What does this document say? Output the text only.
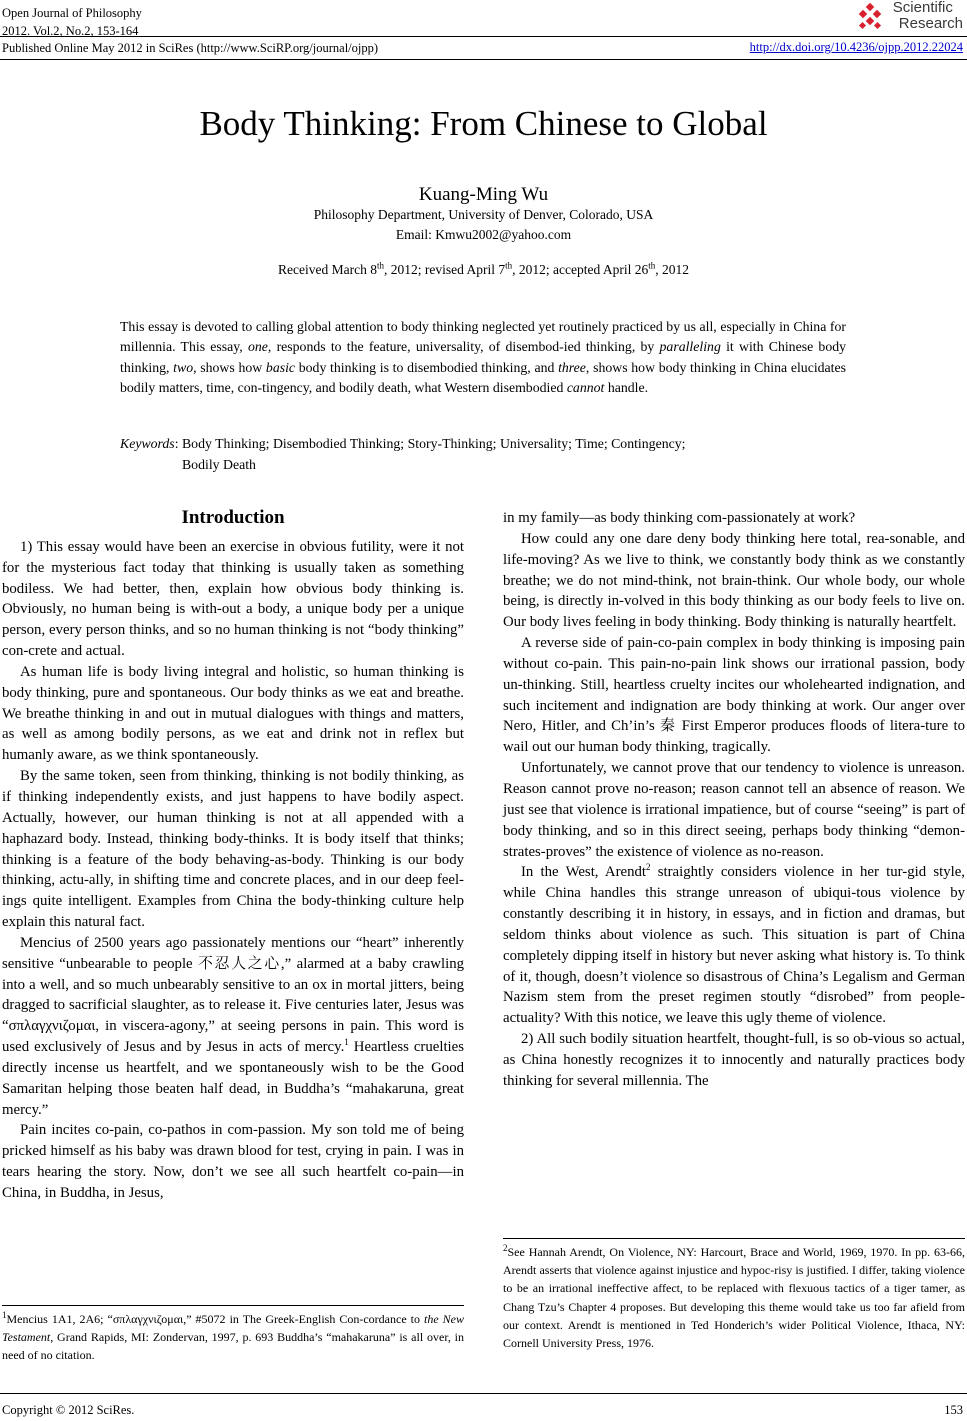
Open Journal of Philosophy
2012. Vol.2, No.2, 153-164
Published Online May 2012 in SciRes (http://www.SciRP.org/journal/ojpp)
Scientific
Research
http://dx.doi.org/10.4236/ojpp.2012.22024
Body Thinking: From Chinese to Global
Kuang-Ming Wu
Philosophy Department, University of Denver, Colorado, USA
Email: Kmwu2002@yahoo.com
Received March 8th, 2012; revised April 7th, 2012; accepted April 26th, 2012
This essay is devoted to calling global attention to body thinking neglected yet routinely practiced by us all, especially in China for millennia. This essay, one, responds to the feature, universality, of disembod-ied thinking, by paralleling it with Chinese body thinking, two, shows how basic body thinking is to disembodied thinking, and three, shows how body thinking in China elucidates bodily matters, time, con-tingency, and bodily death, what Western disembodied cannot handle.
Keywords: Body Thinking; Disembodied Thinking; Story-Thinking; Universality; Time; Contingency;
Bodily Death
Introduction

1) This essay would have been an exercise in obvious futility, were it not for the mysterious fact today that thinking is usually taken as something bodiless. We had better, then, explain how obvious body thinking is. Obviously, no human being is with-out a body, a unique body per a unique person, every person thinks, and so no human thinking is not “body thinking” con-crete and actual.

As human life is body living integral and holistic, so human thinking is body thinking, pure and spontaneous. Our body thinks as we eat and breathe. We breathe thinking in and out in mutual dialogues with things and matters, as well as among bodily persons, as we eat and drink not in reflex but humanly aware, as we think spontaneously.

By the same token, seen from thinking, thinking is not bodily thinking, as if thinking independently exists, and just happens to have bodily aspect. Actually, however, our human thinking is not at all appended with a haphazard body. Instead, thinking body-thinks. It is body itself that thinks; thinking is a feature of the body behaving-as-body. Thinking is our body thinking, actu-ally, in shifting time and concrete places, and in our deep feel-ings quite intelligent. Examples from China the body-thinking culture help explain this natural fact.

Mencius of 2500 years ago passionately mentions our “heart” inherently sensitive “unbearable to people 不忍人之心,” alarmed at a baby crawling into a well, and so much unbearably sensitive to an ox in mortal jitters, being dragged to sacrificial slaughter, as to release it. Five centuries later, Jesus was “σπλαγχνιζομαι, in viscera-agony,” at seeing persons in pain. This word is used exclusively of Jesus and by Jesus in acts of mercy.$^1$ Heartless cruelties directly incense us heartfelt, and we spontaneously wish to be the Good Samaritan helping those beaten half dead, in Buddha’s “mahakaruna, great mercy.”

Pain incites co-pain, co-pathos in com-passion. My son told me of being pricked himself as his baby was drawn blood for test, crying in pain. I was in tears hearing the story. Now, don’t we see all such heartfelt co-pain—in China, in Buddha, in Jesus,

in my family—as body thinking com-passionately at work?

How could any one dare deny body thinking here total, rea-sonable, and life-moving? As we live to think, we constantly body think as we constantly breathe; we do not mind-think, not brain-think. Our whole body, our whole being, is directly in-volved in this body thinking as our body feels to live on. Our body lives feeling in body thinking. Body thinking is naturally heartfelt.

A reverse side of pain-co-pain complex in body thinking is imposing pain without co-pain. This pain-no-pain link shows our irrational passion, body un-thinking. Still, heartless cruelty incites our wholehearted indignation, and such incitement and indignation are body thinking at work. Our anger over Nero, Hitler, and Ch’in’s 秦 First Emperor produces floods of litera-ture to wail out our human body thinking, tragically.

Unfortunately, we cannot prove that our tendency to violence is unreason. Reason cannot prove no-reason; reason cannot tell an absence of reason. We just see that violence is irrational impatience, but of course “seeing” is part of body thinking, and so in this direct seeing, perhaps body thinking “demon-strates-proves” the existence of violence as no-reason.

In the West, Arendt$^2$ straightly considers violence in her tur-gid style, while China handles this strange unreason of ubiqui-tous violence by constantly describing it in history, in essays, and in fiction and dramas, but seldom thinks about violence as such. This situation is part of China completely dipping itself in history but never asking what history is. To think of it, though, doesn’t violence so disastrous of China’s Legalism and German Nazism stem from the preset regimen stoutly “disrobed” from people-actuality? With this notice, we leave this ugly theme of violence.

2) All such bodily situation heartfelt, thought-full, is so ob-vious so actual, as China honestly recognizes it to innocently and naturally practices body thinking for several millennia. The

$^1$Mencius 1A1, 2A6; “σπλαγχνιζομαι,” #5072 in The Greek-English Con-cordance to the New Testament, Grand Rapids, MI: Zondervan, 1997, p. 693 Buddha’s “mahakaruna” is all over, in need of no citation.
$^2$See Hannah Arendt, On Violence, NY: Harcourt, Brace and World, 1969, 1970. In pp. 63-66, Arendt asserts that violence against injustice and hypoc-risy is justified. I differ, taking violence to be an irrational ineffective affect, to be replaced with flexuous tactics of a tiger tamer, as Chang Tzu’s Chapter 4 proposes. But developing this theme would take us too far afield from our context. Arendt is mentioned in Ted Honderich’s wider Political Violence, Ithaca, NY: Cornell University Press, 1976.
Copyright © 2012 SciRes.	153
